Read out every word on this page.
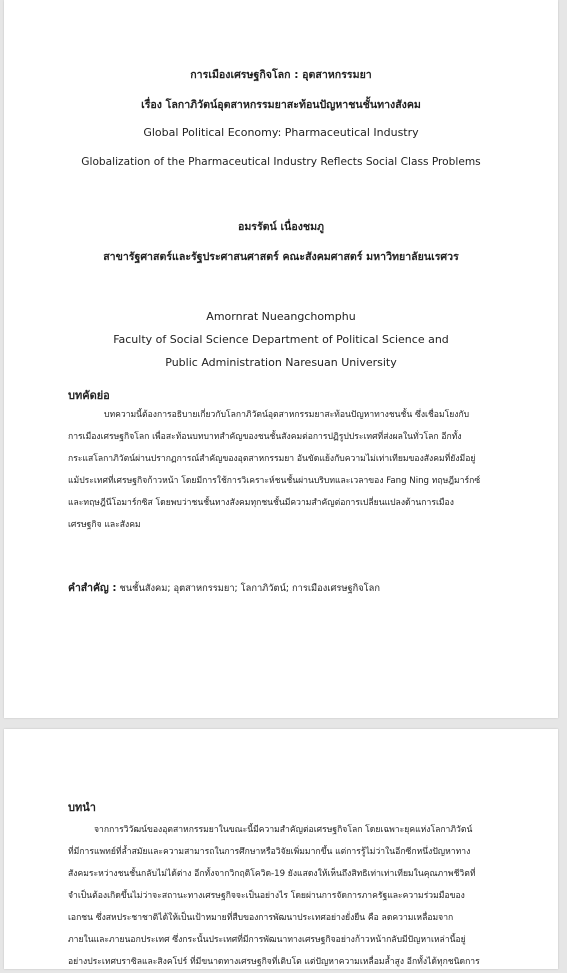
การเมืองเศรษฐกิจโลก : อุตสาหกรรมยา
เรื่อง โลกาภิวัตน์อุตสาหกรรมยาสะท้อนปัญหาชนชั้นทางสังคม
Global Political Economy: Pharmaceutical Industry
Globalization of the Pharmaceutical Industry Reflects Social Class Problems
อมรรัตน์ เนื่องชมภู
สาขารัฐศาสตร์และรัฐประศาสนศาสตร์ คณะสังคมศาสตร์ มหาวิทยาลัยนเรศวร
Amornrat Nueangchomphu
Faculty of Social Science Department of Political Science and
Public Administration Naresuan University
บทคัดย่อ
บทความนี้ต้องการอธิบายเกี่ยวกับโลกาภิวัตน์อุตสาหกรรมยาสะท้อนปัญหาทางชนชั้น ซึ่งเชื่อมโยงกับ
การเมืองเศรษฐกิจโลก เพื่อสะท้อนบทบาทสำคัญของชนชั้นสังคมต่อการปฏิรูปประเทศที่ส่งผลในทั่วโลก อีกทั้ง
กระแสโลกาภิวัตน์ผ่านปรากฏการณ์สำคัญของอุตสาหกรรมยา อันขัดแย้งกับความไม่เท่าเทียมของสังคมที่ยังมีอยู่
แม้ประเทศที่เศรษฐกิจก้าวหน้า โดยมีการใช้การวิเคราะห์ชนชั้นผ่านบริบทและเวลาของ Fang Ning ทฤษฎีมาร์กซ์
และทฤษฎีนีโอมาร์กซิส โดยพบว่าชนชั้นทางสังคมทุกชนชั้นมีความสำคัญต่อการเปลี่ยนแปลงด้านการเมือง
เศรษฐกิจ และสังคม
คำสำคัญ : ชนชั้นสังคม; อุตสาหกรรมยา; โลกาภิวัตน์; การเมืองเศรษฐกิจโลก
บทนำ
จากการวิวัฒน์ของอุตสาหกรรมยาในขณะนี้มีความสำคัญต่อเศรษฐกิจโลก โดยเฉพาะยุคแห่งโลกาภิวัตน์
ที่มีการแพทย์ที่ล้ำสมัยและความสามารถในการศึกษาหรือวิจัยเพิ่มมากขึ้น แต่การรู้ไม่ว่าในอีกซีกหนึ่งปัญหาทาง
สังคมระหว่างชนชั้นกลับไม่ได้ต่าง อีกทั้งจากวิกฤติโควิด-19 ยังแสดงให้เห็นถึงสิทธิเท่าเท่าเทียมในคุณภาพชีวิตที่
จำเป็นต้องเกิดขึ้นไม่ว่าจะสถานะทางเศรษฐกิจจะเป็นอย่างไร โดยผ่านการจัดการภาครัฐและความร่วมมือของ
เอกชน ซึ่งสหประชาชาติได้ให้เป็นเป้าหมายที่สืบของการพัฒนาประเทศอย่างยั่งยืน คือ ลดความเหลื่อมจาก
ภายในและภายนอกประเทศ ซึ่งกระนั้นประเทศที่มีการพัฒนาทางเศรษฐกิจอย่างก้าวหน้ากลับมีปัญหาเหล่านี้อยู่
อย่างประเทศบราซิลและสิงคโปร์ ที่มีขนาดทางเศรษฐกิจที่เติบโต แต่ปัญหาความเหลื่อมล้ำสูง อีกทั้งได้ทุกชนิดการ
